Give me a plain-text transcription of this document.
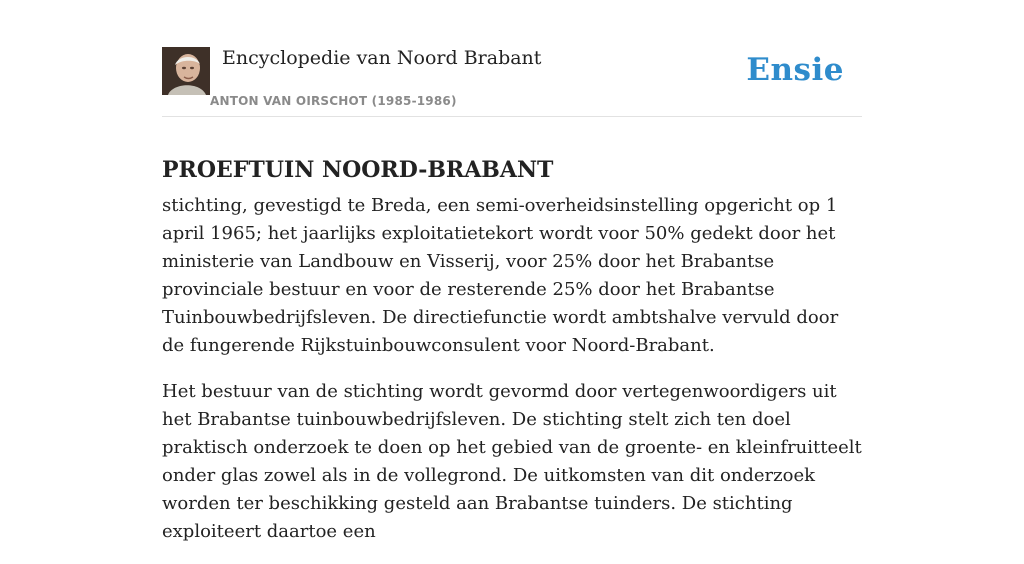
Encyclopedie van Noord Brabant
ANTON VAN OIRSCHOT (1985-1986)
Ensie
PROEFTUIN NOORD-BRABANT

stichting, gevestigd te Breda, een semi-overheidsinstelling opgericht op 1 april 1965; het jaarlijks exploitatietekort wordt voor 50% gedekt door het ministerie van Landbouw en Visserij, voor 25% door het Brabantse provinciale bestuur en voor de resterende 25% door het Brabantse Tuinbouwbedrijfsleven. De directiefunctie wordt ambtshalve vervuld door de fungerende Rijkstuinbouwconsulent voor Noord-Brabant.

Het bestuur van de stichting wordt gevormd door vertegenwoordigers uit het Brabantse tuinbouwbedrijfsleven. De stichting stelt zich ten doel praktisch onderzoek te doen op het gebied van de groente- en kleinfruitteelt onder glas zowel als in de vollegrond. De uitkomsten van dit onderzoek worden ter beschikking gesteld aan Brabantse tuinders. De stichting exploiteert daartoe een
